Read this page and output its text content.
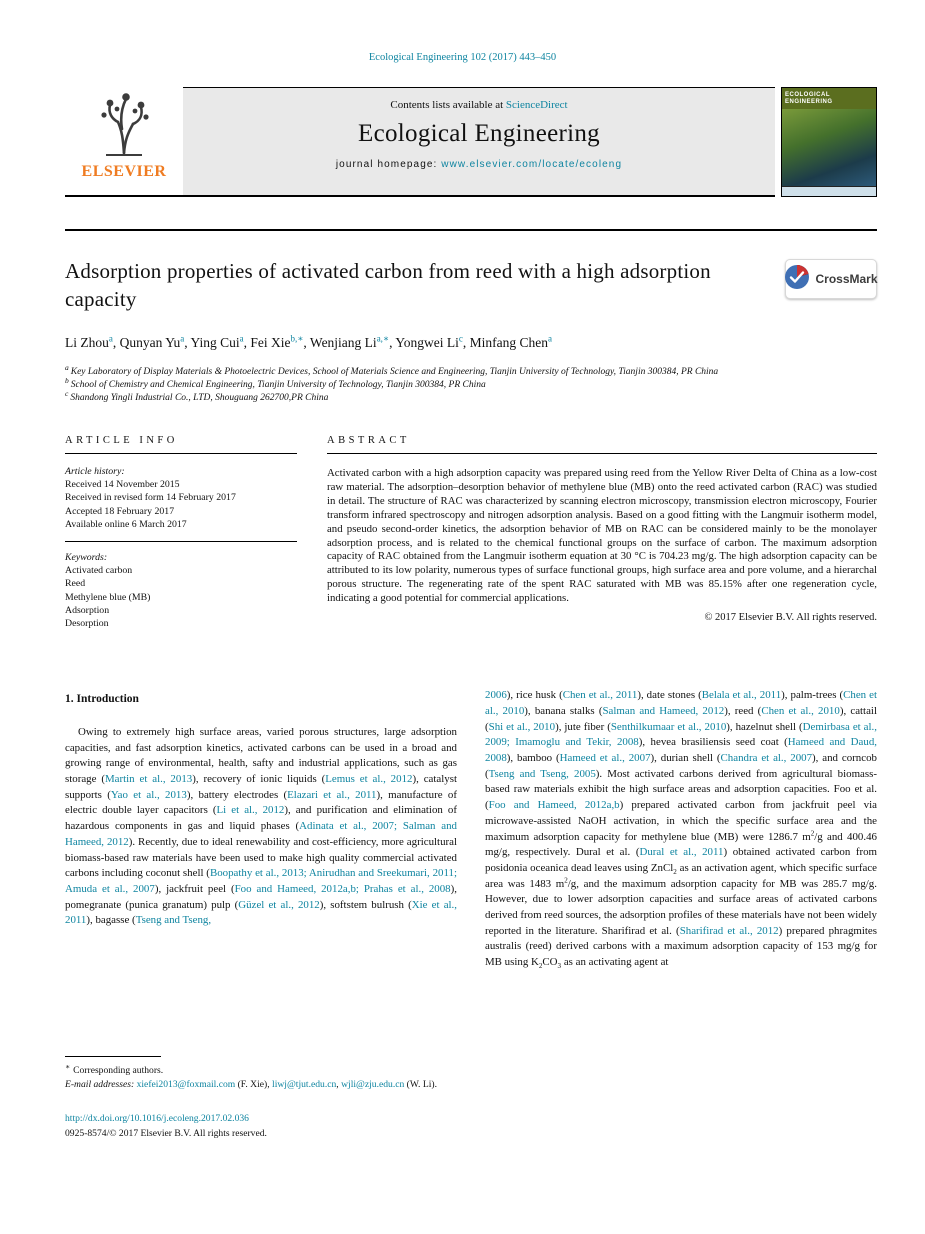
Ecological Engineering 102 (2017) 443–450
ELSEVIER
Contents lists available at ScienceDirect
Ecological Engineering
journal homepage: www.elsevier.com/locate/ecoleng
ECOLOGICAL ENGINEERING
Adsorption properties of activated carbon from reed with a high adsorption capacity
CrossMark
Li Zhou$^a$, Qunyan Yu$^a$, Ying Cui$^a$, Fei Xie$^{b,∗}$, Wenjiang $Li^{a,∗}$, Yongwei Li$^c$, Minfang Chen$^a$
$^a$ Key Laboratory of Display Materials & Photoelectric Devices, School of Materials Science and Engineering, Tianjin University of Technology, Tianjin 300384, PR China
$^b$ School of Chemistry and Chemical Engineering, Tianjin University of Technology, Tianjin 300384, PR China
$^c$ Shandong Yingli Industrial Co., LTD, Shouguang 262700,PR China
ARTICLE INFO
Article history:
Received 14 November 2015
Received in revised form 14 February 2017
Accepted 18 February 2017
Available online 6 March 2017
Keywords:
Activated carbon
Reed
Methylene blue (MB)
Adsorption
Desorption
ABSTRACT
Activated carbon with a high adsorption capacity was prepared using reed from the Yellow River Delta of China as a low-cost raw material. The adsorption–desorption behavior of methylene blue (MB) onto the reed activated carbon (RAC) was studied in detail. The structure of RAC was characterized by scanning electron microscopy, transmission electron microscopy, Fourier transform infrared spectroscopy and nitrogen adsorption analysis. Based on a good fitting with the Langmuir isotherm model, and pseudo second-order kinetics, the adsorption behavior of MB on RAC can be considered mainly to be the monolayer adsorption process, and is related to the chemical functional groups on the surface of carbon. The maximum adsorption capacity of RAC obtained from the Langmuir isotherm equation at 30 °C is 704.23 mg/g. The high adsorption capacity can be attributed to its low polarity, numerous types of surface functional groups, high surface area and pore volume, and a hierarchal porous structure. The regenerating rate of the spent RAC saturated with MB was 85.15% after one regeneration cycle, indicating a good potential for commercial applications.
© 2017 Elsevier B.V. All rights reserved.
1. Introduction

Owing to extremely high surface areas, varied porous structures, large adsorption capacities, and fast adsorption kinetics, activated carbons can be used in a broad and growing range of environmental, health, safty and industrial applications, such as gas storage (Martin et al., 2013), recovery of ionic liquids (Lemus et al., 2012), catalyst supports (Yao et al., 2013), battery electrodes (Elazari et al., 2011), manufacture of electric double layer capacitors (Li et al., 2012), and purification and elimination of hazardous components in gas and liquid phases (Adinata et al., 2007; Salman and Hameed, 2012). Recently, due to ideal renewability and cost-efficiency, more agricultural biomass-based raw materials have been used to make high quality commercial activated carbons including coconut shell (Boopathy et al., 2013; Anirudhan and Sreekumari, 2011; Amuda et al., 2007), jackfruit peel (Foo and Hameed, 2012a,b; Prahas et al., 2008), pomegranate (punica granatum) pulp (Güzel et al., 2012), softstem bulrush (Xie et al., 2011), bagasse (Tseng and Tseng,

2006), rice husk (Chen et al., 2011), date stones (Belala et al., 2011), palm-trees (Chen et al., 2010), banana stalks (Salman and Hameed, 2012), reed (Chen et al., 2010), cattail (Shi et al., 2010), jute fiber (Senthilkumaar et al., 2010), hazelnut shell (Demirbasa et al., 2009; Imamoglu and Tekir, 2008), hevea brasiliensis seed coat (Hameed and Daud, 2008), bamboo (Hameed et al., 2007), durian shell (Chandra et al., 2007), and corncob (Tseng and Tseng, 2005). Most activated carbons derived from agricultural biomass-based raw materials exhibit the high surface areas and adsorption capacities. Foo et al. (Foo and Hameed, 2012a,b) prepared activated carbon from jackfruit peel via microwave-assisted NaOH activation, in which the specific surface area and the maximum adsorption capacity for methylene blue (MB) were 1286.7 $m^2/g$ and 400.46 mg/g, respectively. Dural et al. (Dural et al., 2011) obtained activated carbon from posidonia oceanica dead leaves using ZnCl$_2$ as an activation agent, which specific surface area was 1483 $m^2/g$, and the maximum adsorption capacity for MB was 285.7 mg/g. However, due to lower adsorption capacities and surface areas of activated carbons derived from reed sources, the adsorption profiles of these materials have not been widely reported in the literature. Sharifirad et al. (Sharifirad et al., 2012) prepared phragmites australis (reed) derived carbons with a maximum adsorption capacity of 153 mg/g for MB using $K_2CO_3$ as an activating agent at

∗ Corresponding authors.
E-mail addresses: xiefei2013@foxmail.com (F. Xie), liwj@tjut.edu.cn, wjli@zju.edu.cn (W. Li).
http://dx.doi.org/10.1016/j.ecoleng.2017.02.036
0925-8574/© 2017 Elsevier B.V. All rights reserved.
